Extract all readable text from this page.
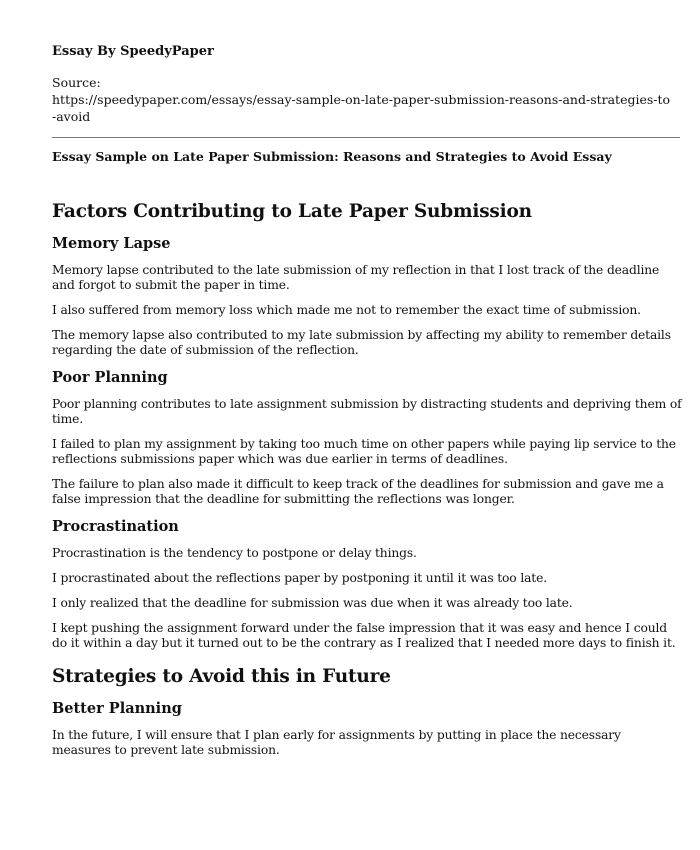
Essay By SpeedyPaper
Source:
https://speedypaper.com/essays/essay-sample-on-late-paper-submission-reasons-and-strategies-to-avoid
Essay Sample on Late Paper Submission: Reasons and Strategies to Avoid Essay
Factors Contributing to Late Paper Submission
Memory Lapse

Memory lapse contributed to the late submission of my reflection in that I lost track of the deadline and forgot to submit the paper in time.

I also suffered from memory loss which made me not to remember the exact time of submission.

The memory lapse also contributed to my late submission by affecting my ability to remember details regarding the date of submission of the reflection.

Poor Planning

Poor planning contributes to late assignment submission by distracting students and depriving them of time.

I failed to plan my assignment by taking too much time on other papers while paying lip service to the reflections submissions paper which was due earlier in terms of deadlines.

The failure to plan also made it difficult to keep track of the deadlines for submission and gave me a false impression that the deadline for submitting the reflections was longer.

Procrastination

Procrastination is the tendency to postpone or delay things.

I procrastinated about the reflections paper by postponing it until it was too late.

I only realized that the deadline for submission was due when it was already too late.

I kept pushing the assignment forward under the false impression that it was easy and hence I could do it within a day but it turned out to be the contrary as I realized that I needed more days to finish it.

Strategies to Avoid this in Future
Better Planning

In the future, I will ensure that I plan early for assignments by putting in place the necessary measures to prevent late submission.
